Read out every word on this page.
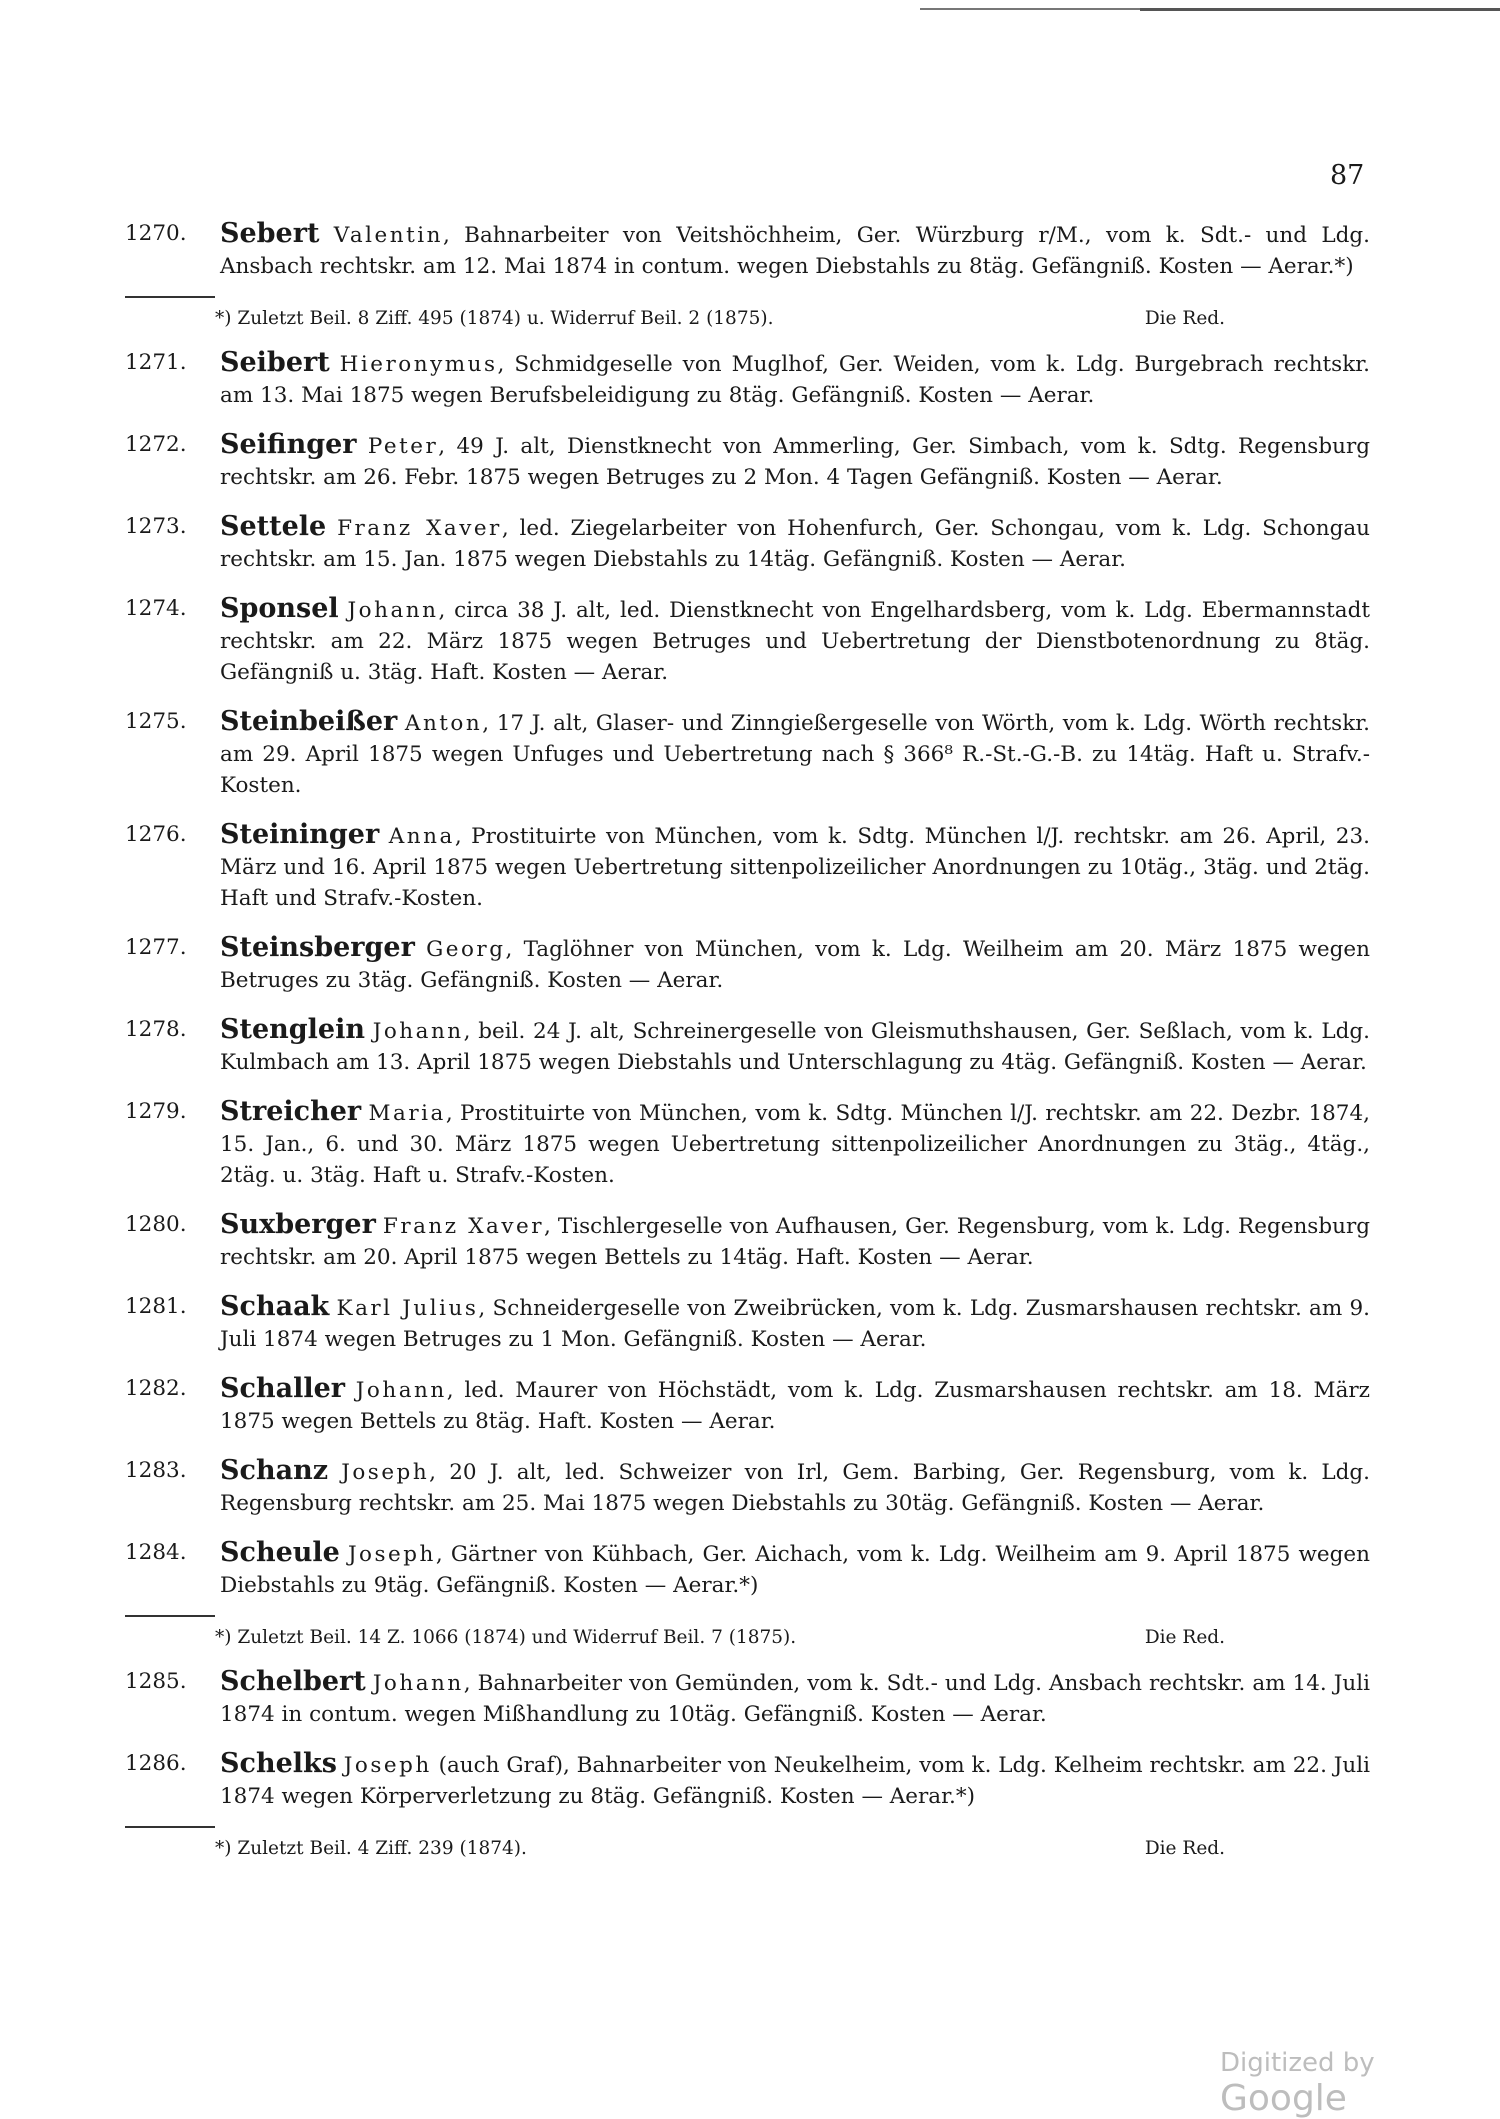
87
1270.	Sebert Valentin, Bahnarbeiter von Veitshöchheim, Ger. Würzburg r/M., vom k. Sdt.- und Ldg. Ansbach rechtskr. am 12. Mai 1874 in contum. wegen Diebstahls zu 8täg. Gefängniß. Kosten — Aerar.*)
*) Zuletzt Beil. 8 Ziff. 495 (1874) u. Widerruf Beil. 2 (1875).	Die Red.
1271.	Seibert Hieronymus, Schmidgeselle von Muglhof, Ger. Weiden, vom k. Ldg. Burgebrach rechtskr. am 13. Mai 1875 wegen Berufsbeleidigung zu 8täg. Gefängniß. Kosten — Aerar.
1272.	Seifinger Peter, 49 J. alt, Dienstknecht von Ammerling, Ger. Simbach, vom k. Sdtg. Regensburg rechtskr. am 26. Febr. 1875 wegen Betruges zu 2 Mon. 4 Tagen Gefängniß. Kosten — Aerar.
1273.	Settele Franz Xaver, led. Ziegelarbeiter von Hohenfurch, Ger. Schongau, vom k. Ldg. Schongau rechtskr. am 15. Jan. 1875 wegen Diebstahls zu 14täg. Gefängniß. Kosten — Aerar.
1274.	Sponsel Johann, circa 38 J. alt, led. Dienstknecht von Engelhardsberg, vom k. Ldg. Ebermannstadt rechtskr. am 22. März 1875 wegen Betruges und Uebertretung der Dienstbotenordnung zu 8täg. Gefängniß u. 3täg. Haft. Kosten — Aerar.
1275.	Steinbeißer Anton, 17 J. alt, Glaser- und Zinngießergeselle von Wörth, vom k. Ldg. Wörth rechtskr. am 29. April 1875 wegen Unfuges und Uebertretung nach § 366⁸ R.-St.-G.-B. zu 14täg. Haft u. Strafv.-Kosten.
1276.	Steininger Anna, Prostituirte von München, vom k. Sdtg. München l/J. rechtskr. am 26. April, 23. März und 16. April 1875 wegen Uebertretung sittenpolizeilicher Anordnungen zu 10täg., 3täg. und 2täg. Haft und Strafv.-Kosten.
1277.	Steinsberger Georg, Taglöhner von München, vom k. Ldg. Weilheim am 20. März 1875 wegen Betruges zu 3täg. Gefängniß. Kosten — Aerar.
1278.	Stenglein Johann, beil. 24 J. alt, Schreinergeselle von Gleismuthshausen, Ger. Seßlach, vom k. Ldg. Kulmbach am 13. April 1875 wegen Diebstahls und Unterschlagung zu 4täg. Gefängniß. Kosten — Aerar.
1279.	Streicher Maria, Prostituirte von München, vom k. Sdtg. München l/J. rechtskr. am 22. Dezbr. 1874, 15. Jan., 6. und 30. März 1875 wegen Uebertretung sittenpolizeilicher Anordnungen zu 3täg., 4täg., 2täg. u. 3täg. Haft u. Strafv.-Kosten.
1280.	Suxberger Franz Xaver, Tischlergeselle von Aufhausen, Ger. Regensburg, vom k. Ldg. Regensburg rechtskr. am 20. April 1875 wegen Bettels zu 14täg. Haft. Kosten — Aerar.
1281.	Schaak Karl Julius, Schneidergeselle von Zweibrücken, vom k. Ldg. Zusmarshausen rechtskr. am 9. Juli 1874 wegen Betruges zu 1 Mon. Gefängniß. Kosten — Aerar.
1282.	Schaller Johann, led. Maurer von Höchstädt, vom k. Ldg. Zusmarshausen rechtskr. am 18. März 1875 wegen Bettels zu 8täg. Haft. Kosten — Aerar.
1283.	Schanz Joseph, 20 J. alt, led. Schweizer von Irl, Gem. Barbing, Ger. Regensburg, vom k. Ldg. Regensburg rechtskr. am 25. Mai 1875 wegen Diebstahls zu 30täg. Gefängniß. Kosten — Aerar.
1284.	Scheule Joseph, Gärtner von Kühbach, Ger. Aichach, vom k. Ldg. Weilheim am 9. April 1875 wegen Diebstahls zu 9täg. Gefängniß. Kosten — Aerar.*)
*) Zuletzt Beil. 14 Z. 1066 (1874) und Widerruf Beil. 7 (1875).	Die Red.
1285.	Schelbert Johann, Bahnarbeiter von Gemünden, vom k. Sdt.- und Ldg. Ansbach rechtskr. am 14. Juli 1874 in contum. wegen Mißhandlung zu 10täg. Gefängniß. Kosten — Aerar.
1286.	Schelks Joseph (auch Graf), Bahnarbeiter von Neukelheim, vom k. Ldg. Kelheim rechtskr. am 22. Juli 1874 wegen Körperverletzung zu 8täg. Gefängniß. Kosten — Aerar.*)
*) Zuletzt Beil. 4 Ziff. 239 (1874).	Die Red.
Digitized by Google
